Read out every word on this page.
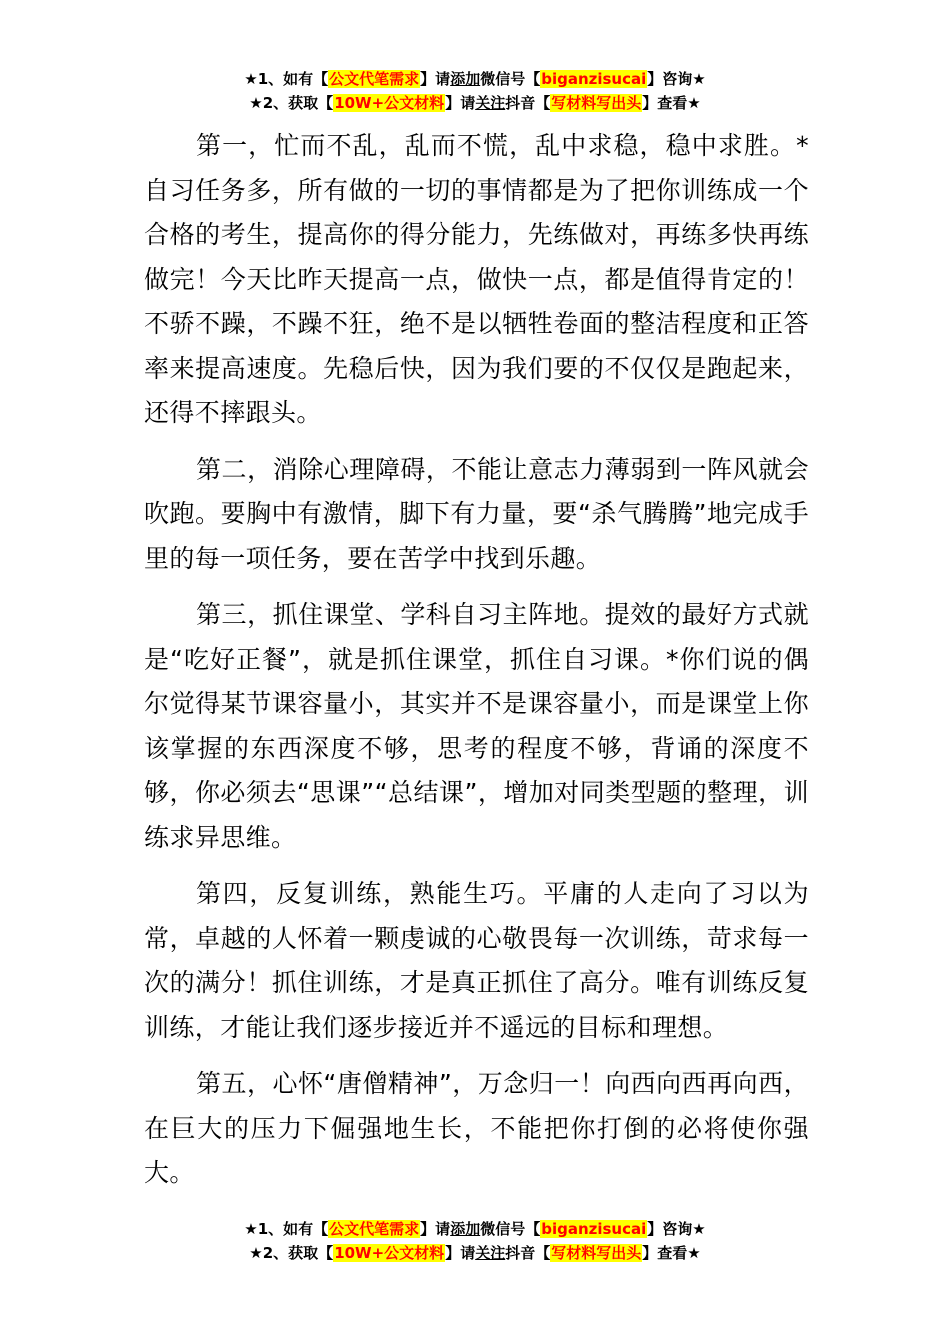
★1、如有【公文代笔需求】请添加微信号【biganzisucai】咨询★
★2、获取【10W+公文材料】请关注抖音【写材料写出头】查看★

第一，忙而不乱，乱而不慌，乱中求稳，稳中求胜。*自习任务多，所有做的一切的事情都是为了把你训练成一个合格的考生，提高你的得分能力，先练做对，再练多快再练做完！今天比昨天提高一点，做快一点，都是值得肯定的！不骄不躁，不躁不狂，绝不是以牺牲卷面的整洁程度和正答率来提高速度。先稳后快，因为我们要的不仅仅是跑起来，还得不摔跟头。

第二，消除心理障碍，不能让意志力薄弱到一阵风就会吹跑。要胸中有激情，脚下有力量，要“杀气腾腾”地完成手里的每一项任务，要在苦学中找到乐趣。

第三，抓住课堂、学科自习主阵地。提效的最好方式就是“吃好正餐”，就是抓住课堂，抓住自习课。*你们说的偶尔觉得某节课容量小，其实并不是课容量小，而是课堂上你该掌握的东西深度不够，思考的程度不够，背诵的深度不够，你必须去“思课”“总结课”，增加对同类型题的整理，训练求异思维。

第四，反复训练，熟能生巧。平庸的人走向了习以为常，卓越的人怀着一颗虔诚的心敬畏每一次训练，苛求每一次的满分！抓住训练，才是真正抓住了高分。唯有训练反复训练，才能让我们逐步接近并不遥远的目标和理想。

第五，心怀“唐僧精神”，万念归一！向西向西再向西，在巨大的压力下倔强地生长，不能把你打倒的必将使你强大。

★1、如有【公文代笔需求】请添加微信号【biganzisucai】咨询★
★2、获取【10W+公文材料】请关注抖音【写材料写出头】查看★
